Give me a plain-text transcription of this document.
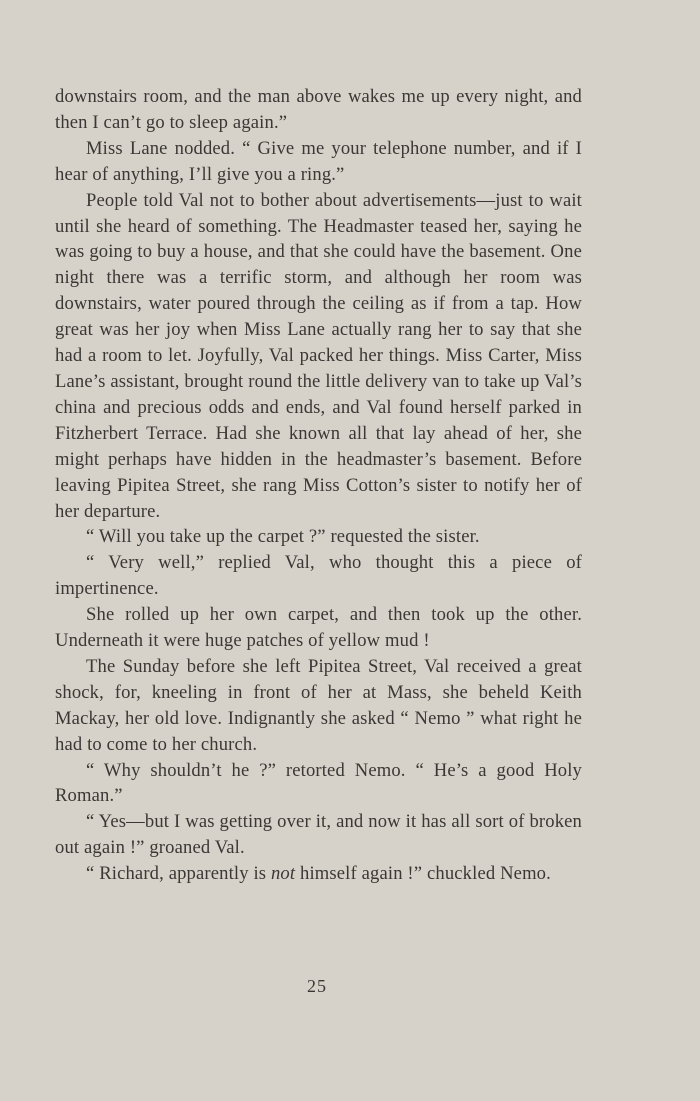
downstairs room, and the man above wakes me up every night, and then I can’t go to sleep again.”

Miss Lane nodded. “ Give me your telephone number, and if I hear of anything, I’ll give you a ring.”

People told Val not to bother about advertisements—just to wait until she heard of something. The Headmaster teased her, saying he was going to buy a house, and that she could have the basement. One night there was a terrific storm, and although her room was downstairs, water poured through the ceiling as if from a tap. How great was her joy when Miss Lane actually rang her to say that she had a room to let. Joyfully, Val packed her things. Miss Carter, Miss Lane’s assistant, brought round the little delivery van to take up Val’s china and precious odds and ends, and Val found herself parked in Fitzherbert Terrace. Had she known all that lay ahead of her, she might perhaps have hidden in the headmaster’s basement. Before leaving Pipitea Street, she rang Miss Cotton’s sister to notify her of her departure.

“ Will you take up the carpet ?” requested the sister.

“ Very well,” replied Val, who thought this a piece of impertinence.

She rolled up her own carpet, and then took up the other. Underneath it were huge patches of yellow mud !

The Sunday before she left Pipitea Street, Val received a great shock, for, kneeling in front of her at Mass, she beheld Keith Mackay, her old love. Indignantly she asked “ Nemo ” what right he had to come to her church.

“ Why shouldn’t he ?” retorted Nemo. “ He’s a good Holy Roman.”

“ Yes—but I was getting over it, and now it has all sort of broken out again !” groaned Val.

“ Richard, apparently is not himself again !” chuckled Nemo.

25
